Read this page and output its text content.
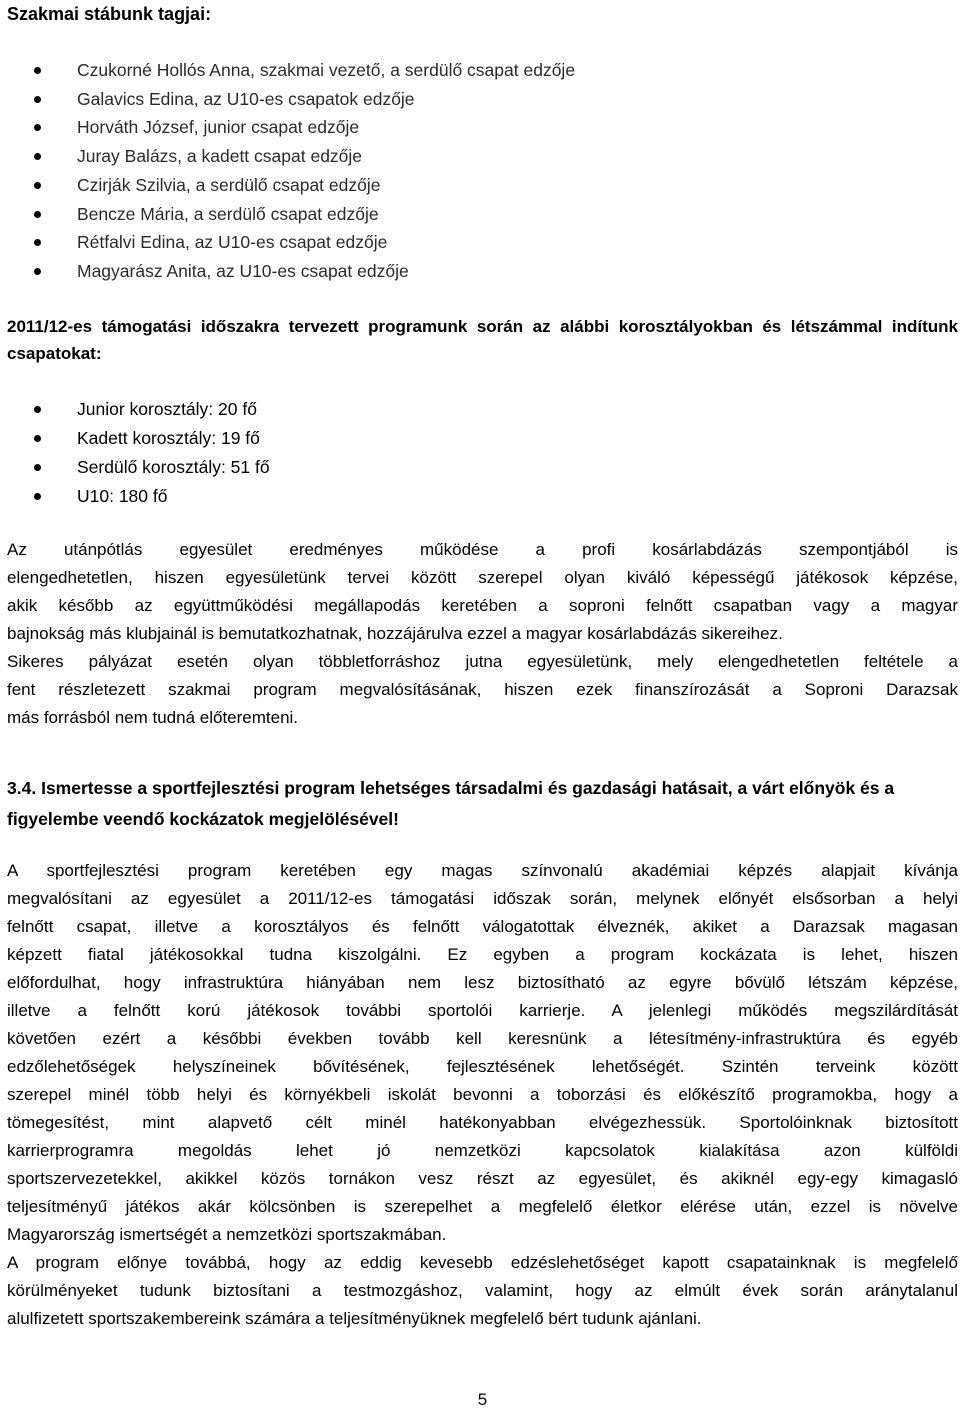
Szakmai stábunk tagjai:
Czukorné Hollós Anna, szakmai vezető, a serdülő csapat edzője
Galavics Edina, az U10-es csapatok edzője
Horváth József, junior csapat edzője
Juray Balázs, a kadett csapat edzője
Czirják Szilvia, a serdülő csapat edzője
Bencze Mária, a serdülő csapat edzője
Rétfalvi Edina, az U10-es csapat edzője
Magyarász Anita, az U10-es csapat edzője
2011/12-es támogatási időszakra tervezett programunk során az alábbi korosztályokban és létszámmal indítunk csapatokat:
Junior korosztály: 20 fő
Kadett korosztály: 19 fő
Serdülő korosztály: 51 fő
U10: 180 fő
Az utánpótlás egyesület eredményes működése a profi kosárlabdázás szempontjából is
elengedhetetlen, hiszen egyesületünk tervei között szerepel olyan kiváló képességű játékosok képzése,
akik később az együttműködési megállapodás keretében a soproni felnőtt csapatban vagy a magyar
bajnokság más klubjainál is bemutatkozhatnak, hozzájárulva ezzel a magyar kosárlabdázás sikereihez.
Sikeres pályázat esetén olyan többletforráshoz jutna egyesületünk, mely elengedhetetlen feltétele a
fent részletezett szakmai program megvalósításának, hiszen ezek finanszírozását a Soproni Darazsak
más forrásból nem tudná előteremteni.
3.4. Ismertesse a sportfejlesztési program lehetséges társadalmi és gazdasági hatásait, a várt előnyök és a figyelembe veendő kockázatok megjelölésével!
A sportfejlesztési program keretében egy magas színvonalú akadémiai képzés alapjait kívánja
megvalósítani az egyesület a 2011/12-es támogatási időszak során, melynek előnyét elsősorban a helyi
felnőtt csapat, illetve a korosztályos és felnőtt válogatottak élveznék, akiket a Darazsak magasan
képzett fiatal játékosokkal tudna kiszolgálni. Ez egyben a program kockázata is lehet, hiszen
előfordulhat, hogy infrastruktúra hiányában nem lesz biztosítható az egyre bővülő létszám képzése,
illetve a felnőtt korú játékosok további sportolói karrierje. A jelenlegi működés megszilárdítását
követően ezért a későbbi években tovább kell keresnünk a létesítmény-infrastruktúra és egyéb
edzőlehetőségek helyszíneinek bővítésének, fejlesztésének lehetőségét. Szintén terveink között
szerepel minél több helyi és környékbeli iskolát bevonni a toborzási és előkészítő programokba, hogy a
tömegesítést, mint alapvető célt minél hatékonyabban elvégezhessük. Sportolóinknak biztosított
karrierprogramra megoldás lehet jó nemzetközi kapcsolatok kialakítása azon külföldi
sportszervezetekkel, akikkel közös tornákon vesz részt az egyesület, és akiknél egy-egy kimagasló
teljesítményű játékos akár kölcsönben is szerepelhet a megfelelő életkor elérése után, ezzel is növelve
Magyarország ismertségét a nemzetközi sportszakmában.
A program előnye továbbá, hogy az eddig kevesebb edzéslehetőséget kapott csapatainknak is megfelelő
körülményeket tudunk biztosítani a testmozgáshoz, valamint, hogy az elmúlt évek során aránytalanul
alulfizetett sportszakembereink számára a teljesítményüknek megfelelő bért tudunk ajánlani.
5
